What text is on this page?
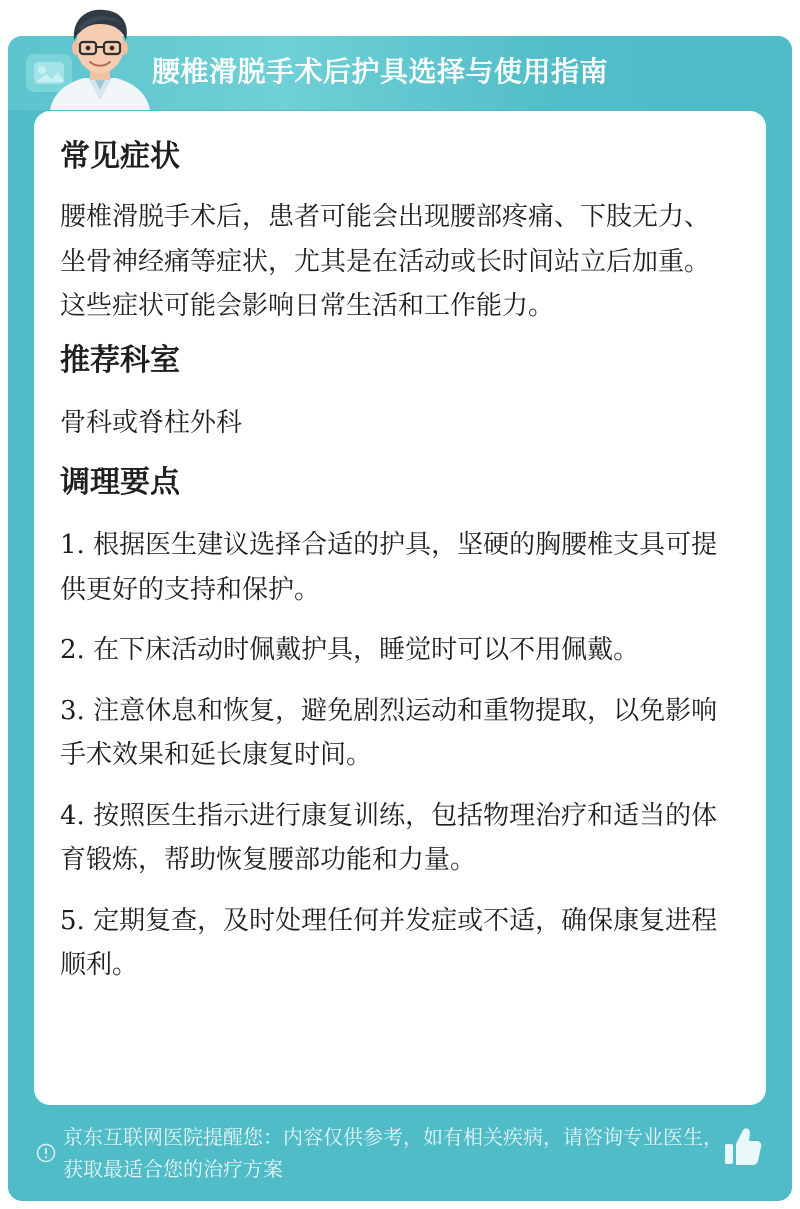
腰椎滑脱手术后护具选择与使用指南
常见症状

腰椎滑脱手术后，患者可能会出现腰部疼痛、下肢无力、坐骨神经痛等症状，尤其是在活动或长时间站立后加重。这些症状可能会影响日常生活和工作能力。

推荐科室

骨科或脊柱外科

调理要点

1. 根据医生建议选择合适的护具，坚硬的胸腰椎支具可提供更好的支持和保护。

2. 在下床活动时佩戴护具，睡觉时可以不用佩戴。

3. 注意休息和恢复，避免剧烈运动和重物提取，以免影响手术效果和延长康复时间。

4. 按照医生指示进行康复训练，包括物理治疗和适当的体育锻炼，帮助恢复腰部功能和力量。

5. 定期复查，及时处理任何并发症或不适，确保康复进程顺利。

京东互联网医院提醒您：内容仅供参考，如有相关疾病，请咨询专业医生，获取最适合您的治疗方案
